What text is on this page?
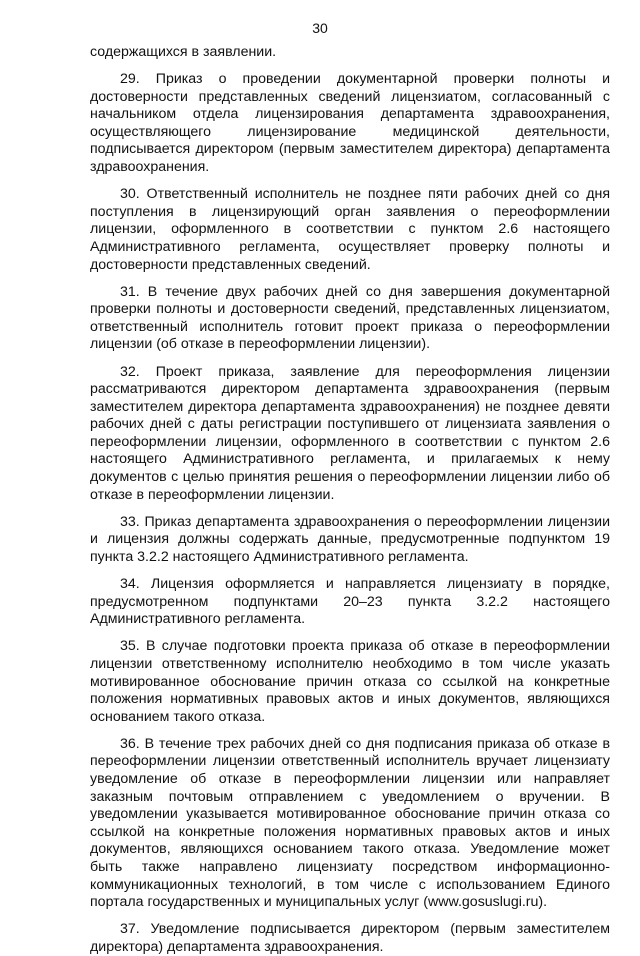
30

содержащихся в заявлении.

29. Приказ о проведении документарной проверки полноты и достоверности представленных сведений лицензиатом, согласованный с начальником отдела лицензирования департамента здравоохранения, осуществляющего лицензирование медицинской деятельности, подписывается директором (первым заместителем директора) департамента здравоохранения.

30. Ответственный исполнитель не позднее пяти рабочих дней со дня поступления в лицензирующий орган заявления о переоформлении лицензии, оформленного в соответствии с пунктом 2.6 настоящего Административного регламента, осуществляет проверку полноты и достоверности представленных сведений.

31. В течение двух рабочих дней со дня завершения документарной проверки полноты и достоверности сведений, представленных лицензиатом, ответственный исполнитель готовит проект приказа о переоформлении лицензии (об отказе в переоформлении лицензии).

32. Проект приказа, заявление для переоформления лицензии рассматриваются директором департамента здравоохранения (первым заместителем директора департамента здравоохранения) не позднее девяти рабочих дней с даты регистрации поступившего от лицензиата заявления о переоформлении лицензии, оформленного в соответствии с пунктом 2.6 настоящего Административного регламента, и прилагаемых к нему документов с целью принятия решения о переоформлении лицензии либо об отказе в переоформлении лицензии.

33. Приказ департамента здравоохранения о переоформлении лицензии и лицензия должны содержать данные, предусмотренные подпунктом 19 пункта 3.2.2 настоящего Административного регламента.

34. Лицензия оформляется и направляется лицензиату в порядке, предусмотренном подпунктами 20–23 пункта 3.2.2 настоящего Административного регламента.

35. В случае подготовки проекта приказа об отказе в переоформлении лицензии ответственному исполнителю необходимо в том числе указать мотивированное обоснование причин отказа со ссылкой на конкретные положения нормативных правовых актов и иных документов, являющихся основанием такого отказа.

36. В течение трех рабочих дней со дня подписания приказа об отказе в переоформлении лицензии ответственный исполнитель вручает лицензиату уведомление об отказе в переоформлении лицензии или направляет заказным почтовым отправлением с уведомлением о вручении. В уведомлении указывается мотивированное обоснование причин отказа со ссылкой на конкретные положения нормативных правовых актов и иных документов, являющихся основанием такого отказа. Уведомление может быть также направлено лицензиату посредством информационно-коммуникационных технологий, в том числе с использованием Единого портала государственных и муниципальных услуг (www.gosuslugi.ru).

37. Уведомление подписывается директором (первым заместителем директора) департамента здравоохранения.
